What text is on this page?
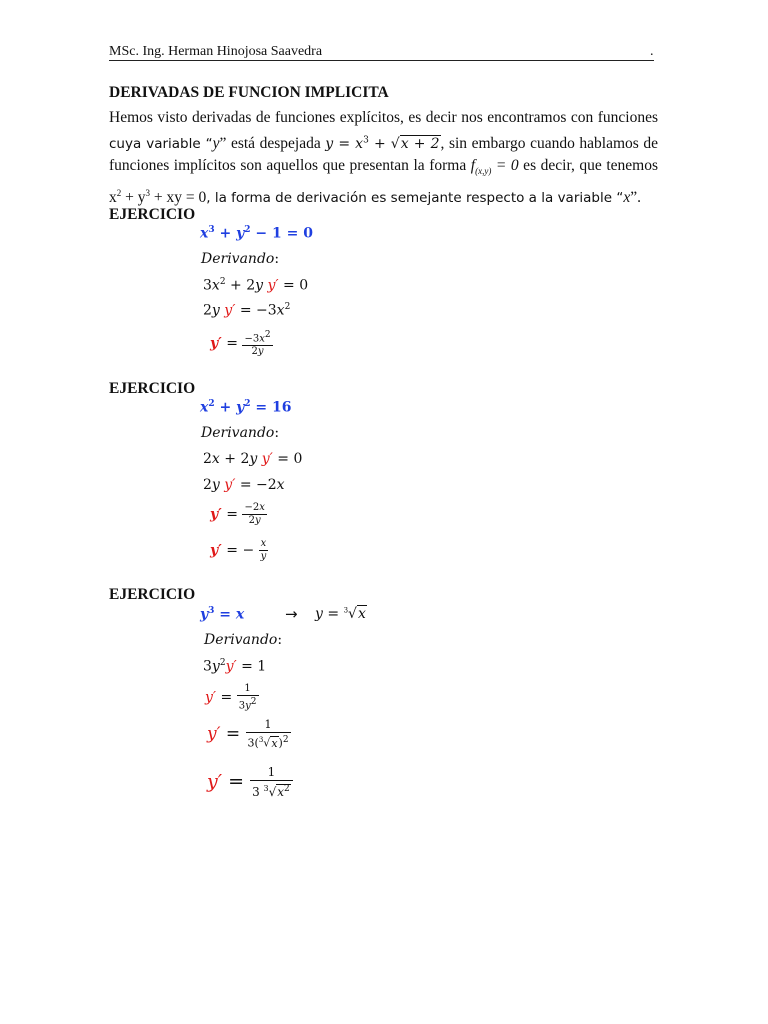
MSc. Ing. Herman Hinojosa Saavedra	.
DERIVADAS DE FUNCION IMPLICITA
Hemos visto derivadas de funciones explícitos, es decir nos encontramos con funciones cuya variable “y” está despejada $y = x^3 + √x + 2$, sin embargo cuando hablamos de funciones implícitos son aquellos que presentan la forma $f_{(x,y)} = 0$ es decir, que tenemos $x^2 + y^3$ + xy = 0, la forma de derivación es semejante respecto a la variable “x”.
EJERCICIO
$x^3 + y^2 - 1 = 0$
Derivando:
$3x^2 + 2y$ y′ = 0
2y $y' = -3x^2$
$y' = \frac{-3x^2}{2y}$
EJERCICIO
$x^2 + y^2 = 16$
Derivando:
2x + 2y y′ = 0
2y y′ = −2x
$y' = \frac{-2x}{2y}$
y′ = − $\frac{x}{y}$
EJERCICIO
$y^3 = x$	→ y = $^3$√x
Derivando:
$3y^2y' = 1$
$y' = \frac{1}{3y^2}$
$y' = \frac{1}{3(^3√x)^2}$
$y' = \frac{1}{3 ^3√x^2}$
